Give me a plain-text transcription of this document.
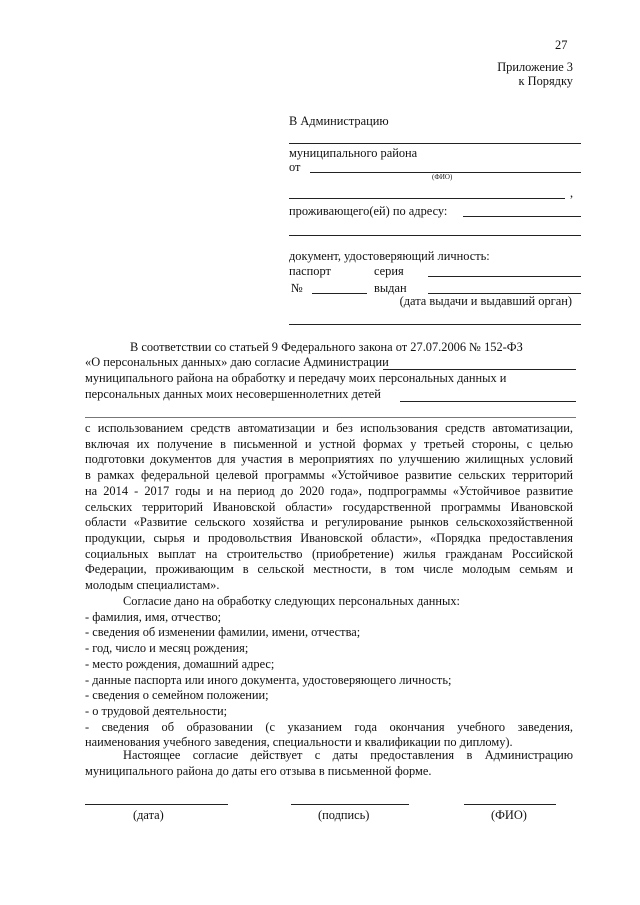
27
Приложение 3
к Порядку
В Администрацию
муниципального района
от
(ФИО)
,
проживающего(ей) по адресу:
документ, удостоверяющий личность:
паспорт	серия
№	выдан
(дата выдачи и выдавший орган)
В соответствии со статьей 9 Федерального закона от 27.07.2006 № 152-ФЗ
«О персональных данных» даю согласие Администрации
муниципального района на обработку и передачу моих персональных данных и
персональных данных моих несовершеннолетних детей
с использованием средств автоматизации и без использования средств автоматизации,
включая их получение в письменной и устной формах у третьей стороны, с целью
подготовки документов для участия в мероприятиях по улучшению жилищных условий
в рамках федеральной целевой программы «Устойчивое развитие сельских территорий
на 2014 - 2017 годы и на период до 2020 года», подпрограммы «Устойчивое развитие
сельских территорий Ивановской области» государственной программы Ивановской
области «Развитие сельского хозяйства и регулирование рынков сельскохозяйственной
продукции, сырья и продовольствия Ивановской области», «Порядка предоставления
социальных выплат на строительство (приобретение) жилья гражданам Российской
Федерации, проживающим в сельской местности, в том числе молодым семьям и
молодым специалистам».
Согласие дано на обработку следующих персональных данных:
- фамилия, имя, отчество;
- сведения об изменении фамилии, имени, отчества;
- год, число и месяц рождения;
- место рождения, домашний адрес;
- данные паспорта или иного документа, удостоверяющего личность;
- сведения о семейном положении;
- о трудовой деятельности;
- сведения об образовании (с указанием года окончания учебного заведения,
наименования учебного заведения, специальности и квалификации по диплому).
Настоящее согласие действует с даты предоставления в Администрацию
муниципального района до даты его отзыва в письменной форме.
(дата)	(подпись)	(ФИО)
